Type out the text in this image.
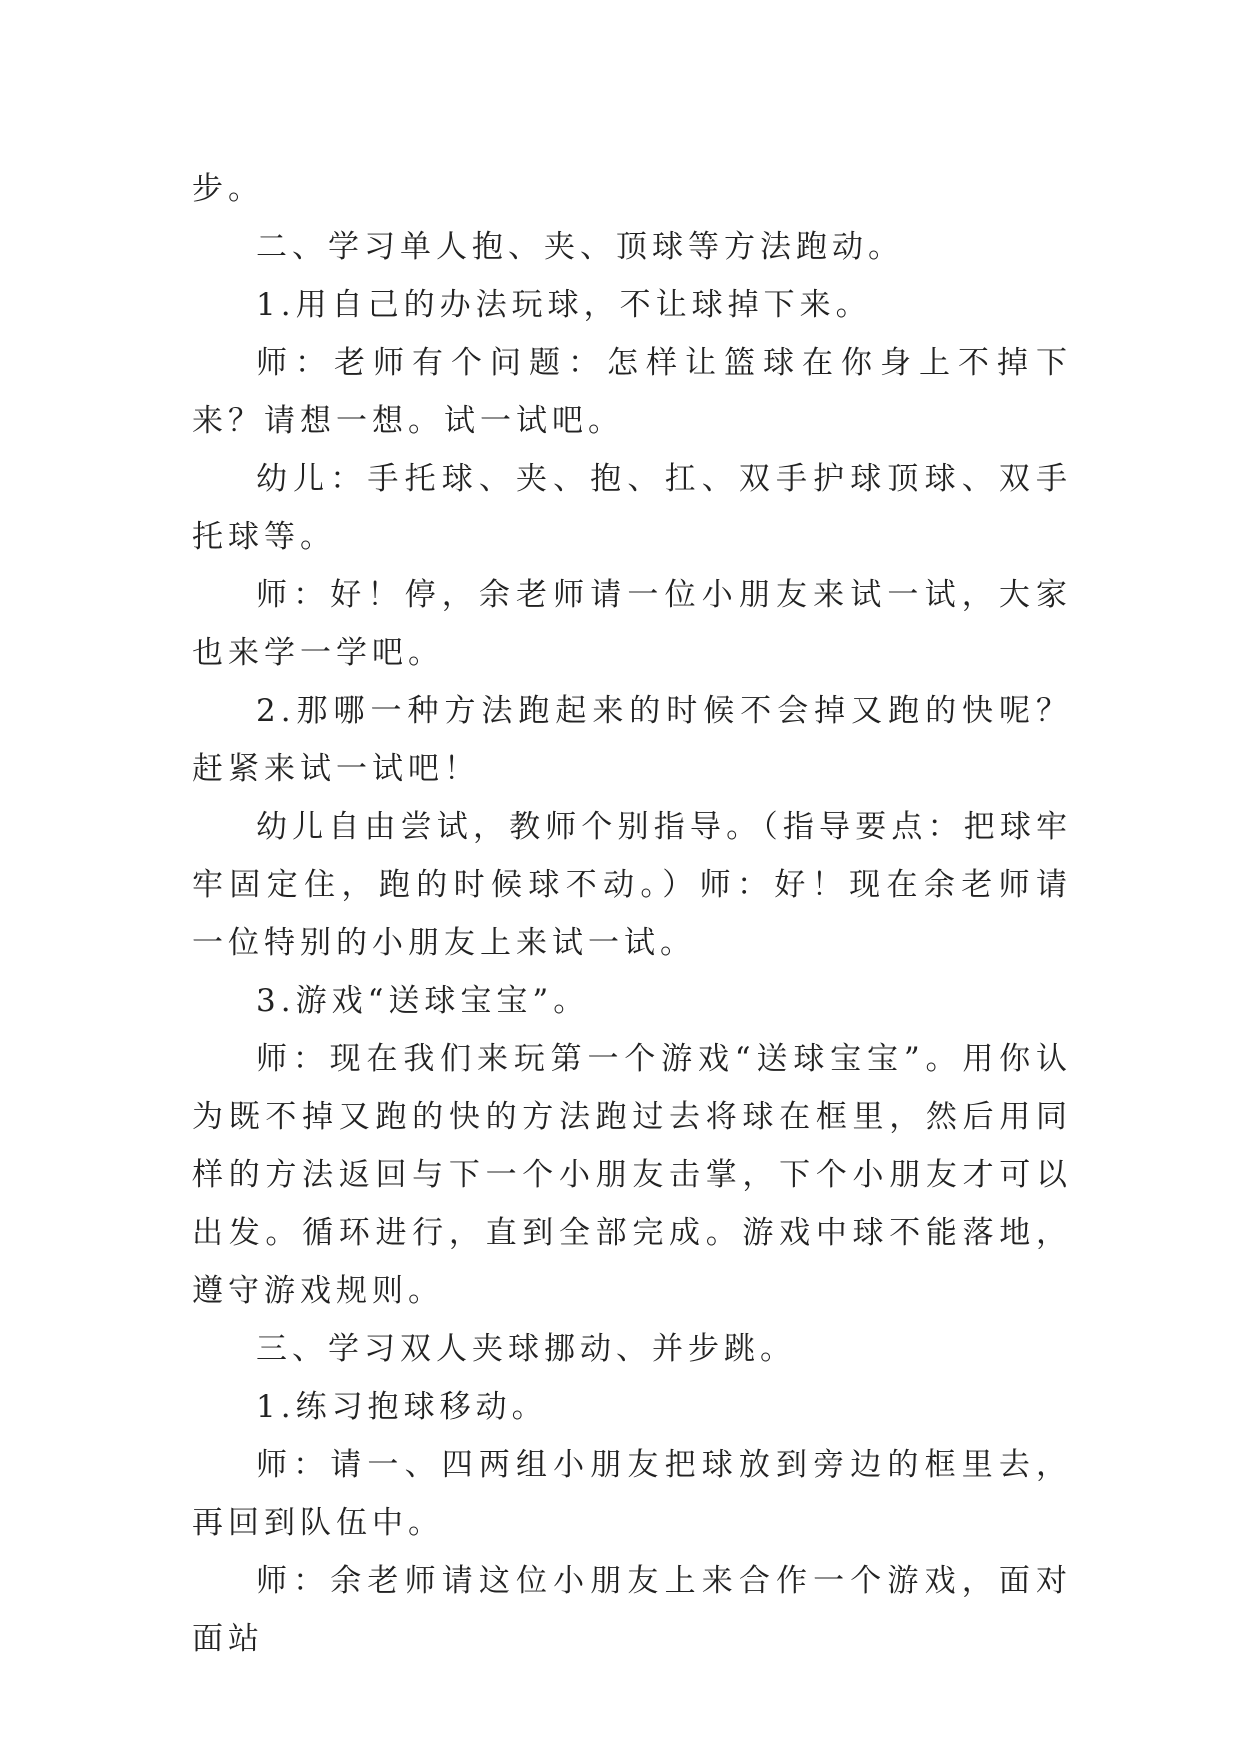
步。

二、学习单人抱、夹、顶球等方法跑动。

1.用自己的办法玩球，不让球掉下来。

师：老师有个问题：怎样让篮球在你身上不掉下来？请想一想。试一试吧。

幼儿：手托球、夹、抱、扛、双手护球顶球、双手托球等。

师：好！停，余老师请一位小朋友来试一试，大家也来学一学吧。

2.那哪一种方法跑起来的时候不会掉又跑的快呢？赶紧来试一试吧！

幼儿自由尝试，教师个别指导。（指导要点：把球牢牢固定住，跑的时候球不动。）师：好！现在余老师请一位特别的小朋友上来试一试。

3.游戏“送球宝宝”。

师：现在我们来玩第一个游戏“送球宝宝”。用你认为既不掉又跑的快的方法跑过去将球在框里，然后用同样的方法返回与下一个小朋友击掌，下个小朋友才可以出发。循环进行，直到全部完成。游戏中球不能落地，遵守游戏规则。

三、学习双人夹球挪动、并步跳。

1.练习抱球移动。

师：请一、四两组小朋友把球放到旁边的框里去，再回到队伍中。

师：余老师请这位小朋友上来合作一个游戏，面对面站
